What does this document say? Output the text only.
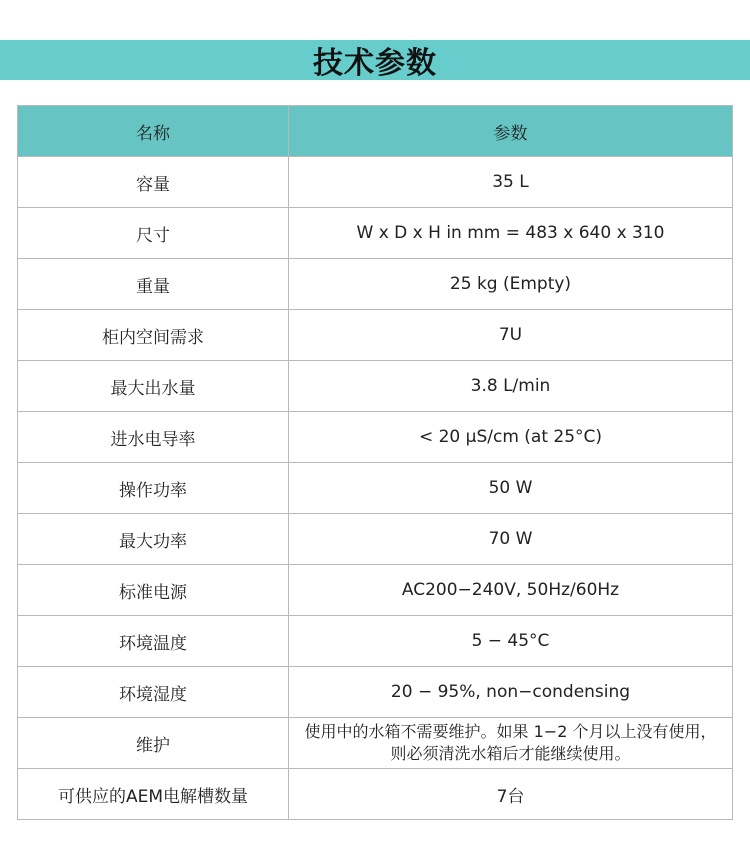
技术参数
名称	参数
容量	35 L
尺寸	W x D x H in mm = 483 x 640 x 310
重量	25 kg (Empty)
柜内空间需求	7U
最大出水量	3.8 L/min
进水电导率	< 20 μS/cm (at 25°C)
操作功率	50 W
最大功率	70 W
标准电源	AC200−240V, 50Hz/60Hz
环境温度	5 − 45°C
环境湿度	20 − 95%, non−condensing
维护	使用中的水箱不需要维护。如果 1−2 个月以上没有使用，
则必须清洗水箱后才能继续使用。
可供应的AEM电解槽数量	7台
